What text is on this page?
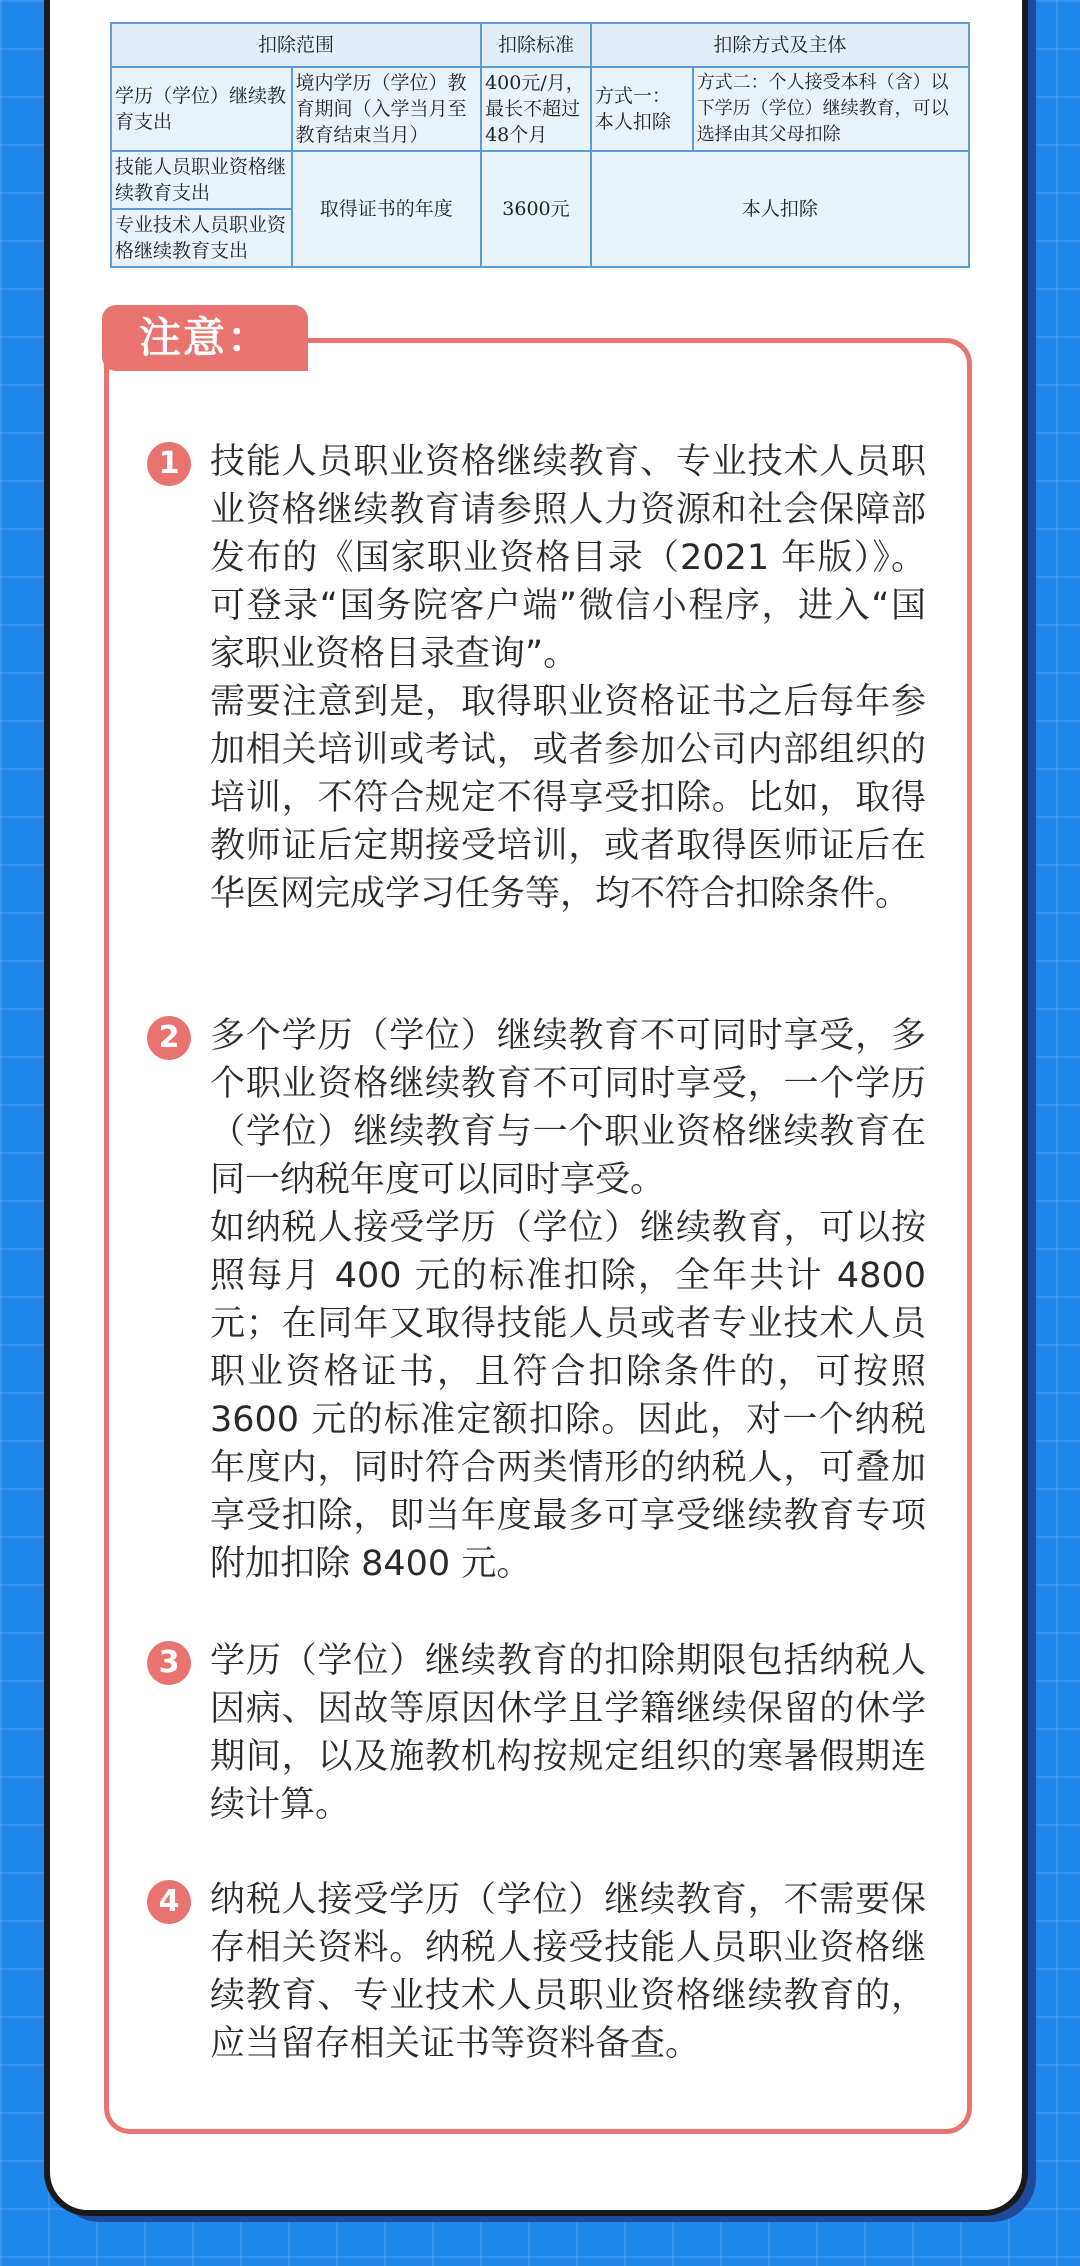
扣除范围		扣除标准	扣除方式及主体	
学历（学位）继续教育支出	境内学历（学位）教育期间（入学当月至教育结束当月）	400元/月，最长不超过48个月	方式一：本人扣除	方式二：个人接受本科（含）以下学历（学位）继续教育，可以选择由其父母扣除
技能人员职业资格继续教育支出	取得证书的年度	3600元	本人扣除	
专业技术人员职业资格继续教育支出				
注意：
1 技能人员职业资格继续教育、专业技术人员职业资格继续教育请参照人力资源和社会保障部发布的《国家职业资格目录（2021 年版）》。可登录“国务院客户端”微信小程序，进入“国家职业资格目录查询”。

需要注意到是，取得职业资格证书之后每年参加相关培训或考试，或者参加公司内部组织的培训，不符合规定不得享受扣除。比如，取得教师证后定期接受培训，或者取得医师证后在华医网完成学习任务等，均不符合扣除条件。

2 多个学历（学位）继续教育不可同时享受，多个职业资格继续教育不可同时享受，一个学历（学位）继续教育与一个职业资格继续教育在同一纳税年度可以同时享受。

如纳税人接受学历（学位）继续教育，可以按照每月 400 元的标准扣除，全年共计 4800 元；在同年又取得技能人员或者专业技术人员职业资格证书，且符合扣除条件的，可按照 3600 元的标准定额扣除。因此，对一个纳税年度内，同时符合两类情形的纳税人，可叠加享受扣除，即当年度最多可享受继续教育专项附加扣除 8400 元。

3 学历（学位）继续教育的扣除期限包括纳税人因病、因故等原因休学且学籍继续保留的休学期间，以及施教机构按规定组织的寒暑假期连续计算。

4 纳税人接受学历（学位）继续教育，不需要保存相关资料。纳税人接受技能人员职业资格继续教育、专业技术人员职业资格继续教育的，应当留存相关证书等资料备查。
